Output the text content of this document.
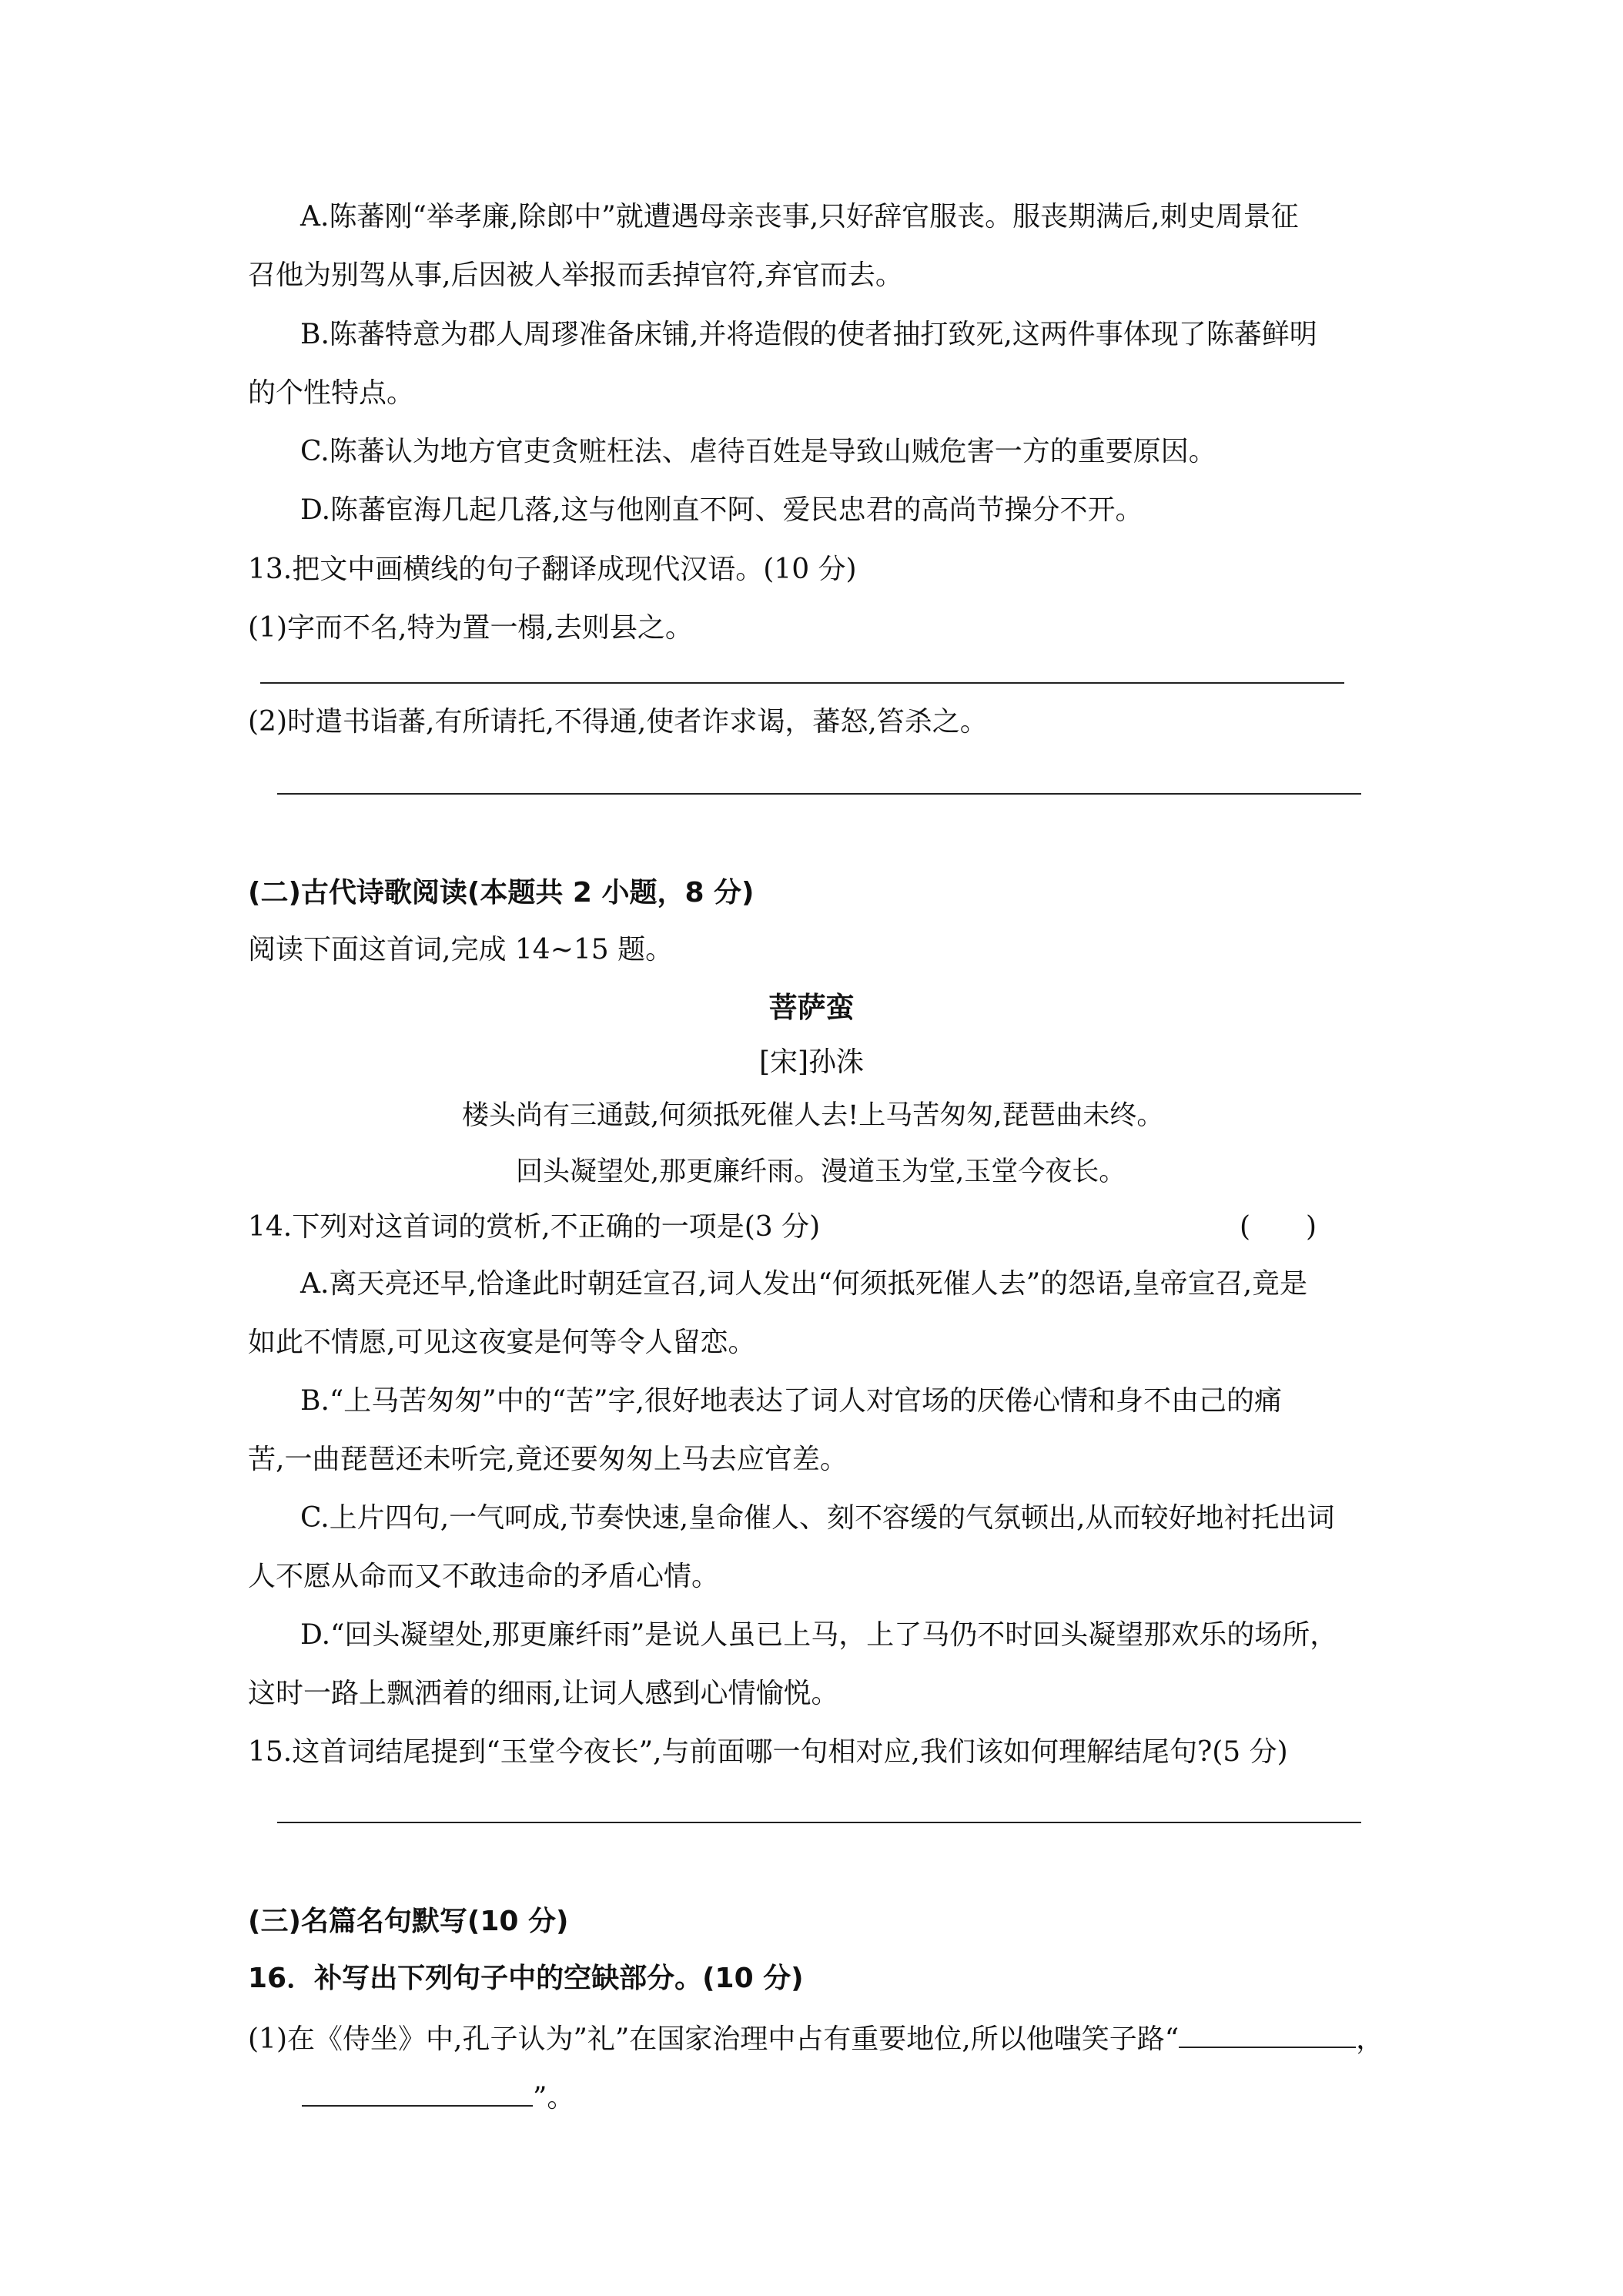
A.陈蕃刚“举孝廉,除郎中”就遭遇母亲丧事,只好辞官服丧。服丧期满后,刺史周景征
召他为别驾从事,后因被人举报而丢掉官符,弃官而去。
B.陈蕃特意为郡人周璆准备床铺,并将造假的使者抽打致死,这两件事体现了陈蕃鲜明
的个性特点。
C.陈蕃认为地方官吏贪赃枉法、虐待百姓是导致山贼危害一方的重要原因。
D.陈蕃宦海几起几落,这与他刚直不阿、爱民忠君的高尚节操分不开。
13.把文中画横线的句子翻译成现代汉语。(10 分)
(1)字而不名,特为置一榻,去则县之。
(2)时遣书诣蕃,有所请托,不得通,使者诈求谒，蕃怒,笞杀之。
(二)古代诗歌阅读(本题共 2 小题，8 分)
阅读下面这首词,完成 14~15 题。
菩萨蛮
[宋]孙洙
楼头尚有三通鼓,何须抵死催人去!上马苦匆匆,琵琶曲未终。
回头凝望处,那更廉纤雨。漫道玉为堂,玉堂今夜长。
14.下列对这首词的赏析,不正确的一项是(3 分)	(　　)
A.离天亮还早,恰逢此时朝廷宣召,词人发出“何须抵死催人去”的怨语,皇帝宣召,竟是
如此不情愿,可见这夜宴是何等令人留恋。
B.“上马苦匆匆”中的“苦”字,很好地表达了词人对官场的厌倦心情和身不由己的痛
苦,一曲琵琶还未听完,竟还要匆匆上马去应官差。
C.上片四句,一气呵成,节奏快速,皇命催人、刻不容缓的气氛顿出,从而较好地衬托出词
人不愿从命而又不敢违命的矛盾心情。
D.“回头凝望处,那更廉纤雨”是说人虽已上马，上了马仍不时回头凝望那欢乐的场所，
这时一路上飘洒着的细雨,让词人感到心情愉悦。
15.这首词结尾提到“玉堂今夜长”,与前面哪一句相对应,我们该如何理解结尾句?(5 分)
(三)名篇名句默写(10 分)
16．补写出下列句子中的空缺部分。(10 分)
(1)在《侍坐》中,孔子认为”礼”在国家治理中占有重要地位,所以他嗤笑子路“	，
”。
